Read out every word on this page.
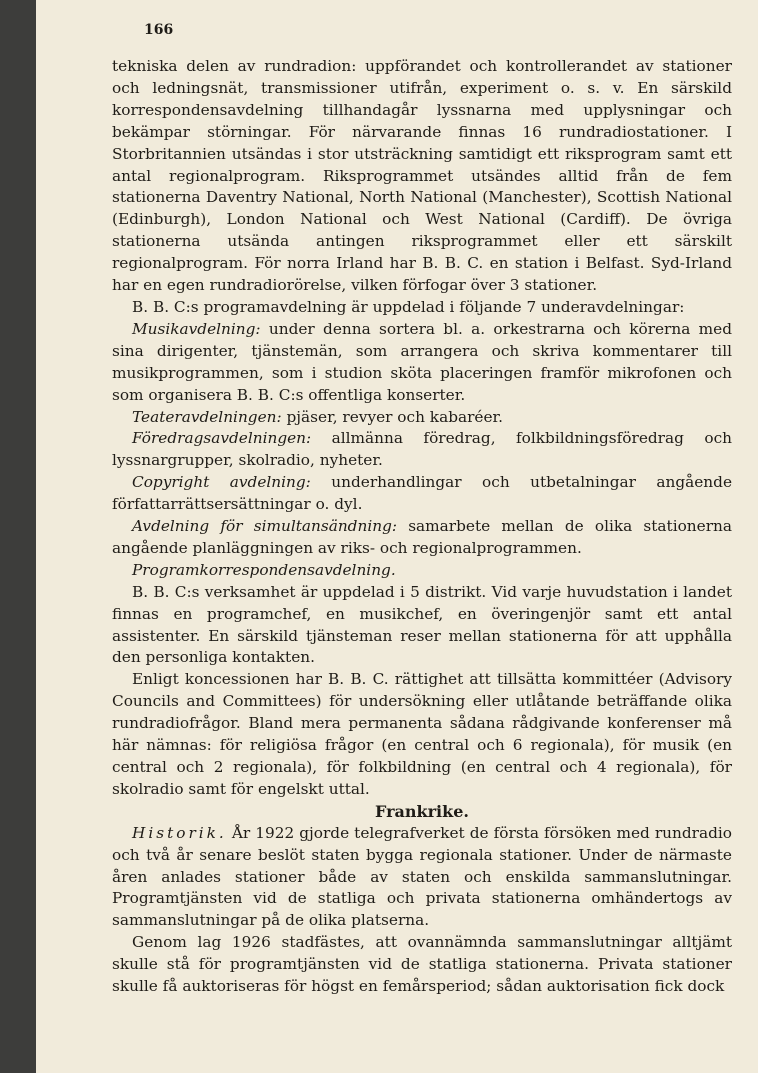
166

tekniska delen av rundradion: uppförandet och kontrollerandet av stationer och ledningsnät, transmissioner utifrån, experiment o. s. v. En särskild korrespondensavdelning tillhandagår lyssnarna med upplysningar och bekämpar störningar. För närvarande finnas 16 rundradiostationer. I Storbritannien utsändas i stor utsträckning samtidigt ett riksprogram samt ett antal regionalprogram. Riksprogrammet utsändes alltid från de fem stationerna Daventry National, North National (Manchester), Scottish National (Edinburgh), London National och West National (Cardiff). De övriga stationerna utsända antingen riksprogrammet eller ett särskilt regionalprogram. För norra Irland har B. B. C. en station i Belfast. Syd-Irland har en egen rundradiorörelse, vilken förfogar över 3 stationer.

B. B. C:s programavdelning är uppdelad i följande 7 underavdelningar:

Musikavdelning: under denna sortera bl. a. orkestrarna och körerna med sina dirigenter, tjänstemän, som arrangera och skriva kommentarer till musikprogrammen, som i studion sköta placeringen framför mikrofonen och som organisera B. B. C:s offentliga konserter.

Teateravdelningen: pjäser, revyer och kabaréer.

Föredragsavdelningen: allmänna föredrag, folkbildningsföredrag och lyssnargrupper, skolradio, nyheter.

Copyright avdelning: underhandlingar och utbetalningar angående författarrättsersättningar o. dyl.

Avdelning för simultansändning: samarbete mellan de olika stationerna angående planläggningen av riks- och regionalprogrammen.

Programkorrespondensavdelning.

B. B. C:s verksamhet är uppdelad i 5 distrikt. Vid varje huvudstation i landet finnas en programchef, en musikchef, en överingenjör samt ett antal assistenter. En särskild tjänsteman reser mellan stationerna för att upphålla den personliga kontakten.

Enligt koncessionen har B. B. C. rättighet att tillsätta kommittéer (Advisory Councils and Committees) för undersökning eller utlåtande beträffande olika rundradiofrågor. Bland mera permanenta sådana rådgivande konferenser må här nämnas: för religiösa frågor (en central och 6 regionala), för musik (en central och 2 regionala), för folkbildning (en central och 4 regionala), för skolradio samt för engelskt uttal.

Frankrike.

Historik. År 1922 gjorde telegrafverket de första försöken med rundradio och två år senare beslöt staten bygga regionala stationer. Under de närmaste åren anlades stationer både av staten och enskilda sammanslutningar. Programtjänsten vid de statliga och privata stationerna omhändertogs av sammanslutningar på de olika platserna.

Genom lag 1926 stadfästes, att ovannämnda sammanslutningar alltjämt skulle stå för programtjänsten vid de statliga stationerna. Privata stationer skulle få auktoriseras för högst en femårsperiod; sådan auktorisation fick dock
